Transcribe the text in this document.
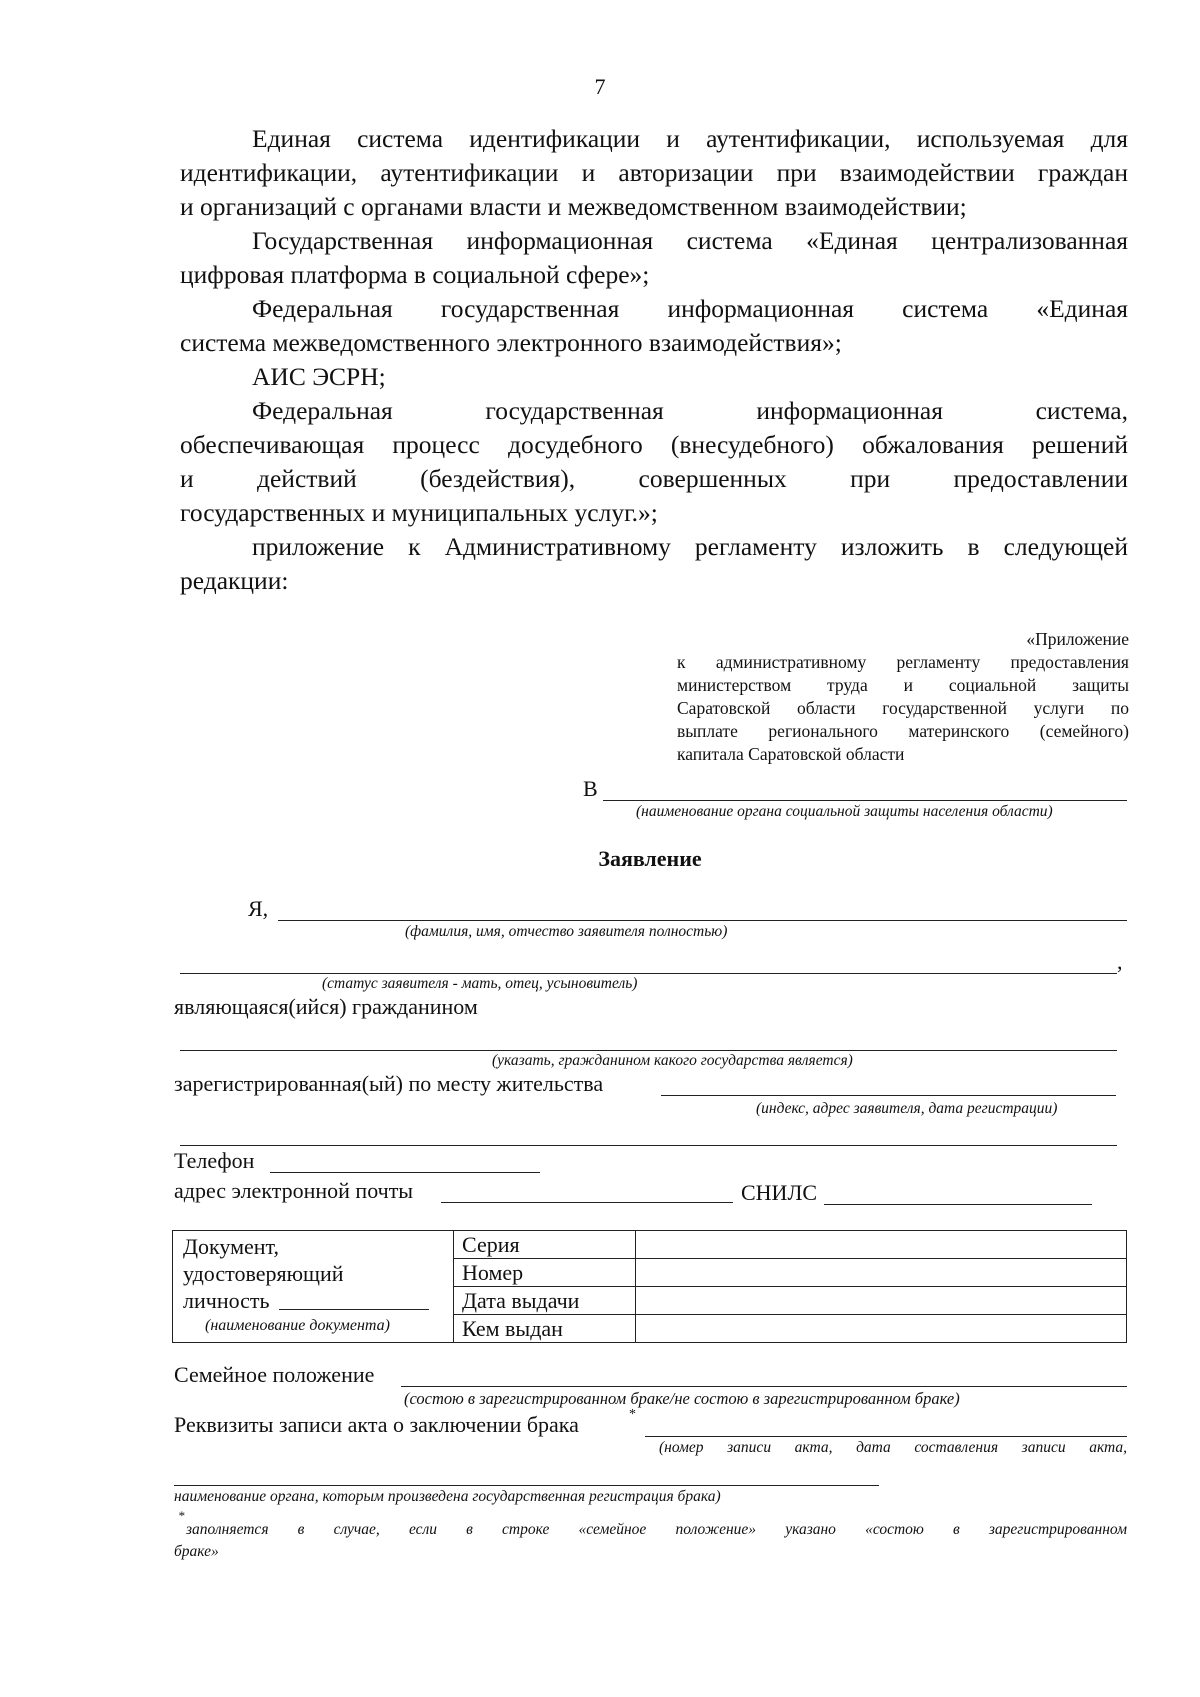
7
Единая система идентификации и аутентификации, используемая для
идентификации, аутентификации и авторизации при взаимодействии граждан
и организаций с органами власти и межведомственном взаимодействии;
Государственная информационная система «Единая централизованная
цифровая платформа в социальной сфере»;
Федеральная государственная информационная система «Единая
система межведомственного электронного взаимодействия»;
АИС ЭСРН;
Федеральная государственная информационная система,
обеспечивающая процесс досудебного (внесудебного) обжалования решений
и действий (бездействия), совершенных при предоставлении
государственных и муниципальных услуг.»;
приложение к Административному регламенту изложить в следующей
редакции:
«Приложение
к административному регламенту предоставления
министерством труда и социальной защиты
Саратовской области государственной услуги по
выплате регионального материнского (семейного)
капитала Саратовской области
В
(наименование органа социальной защиты населения области)
Заявление
Я,
(фамилия, имя, отчество заявителя полностью)
,
(статус заявителя - мать, отец, усыновитель)
являющаяся(ийся) гражданином
(указать, гражданином какого государства является)
зарегистрированная(ый) по месту жительства
(индекс, адрес заявителя, дата регистрации)
Телефон
адрес электронной почты	СНИЛС
Документ,
удостоверяющий
личность
(наименование документа)	Серия	
	Номер	
	Дата выдачи	
	Кем выдан	
Семейное положение
(состою в зарегистрированном браке/не состою в зарегистрированном браке)
Реквизиты записи акта о заключении брака	*
(номер записи акта, дата составления записи акта,
наименование органа, которым произведена государственная регистрация брака)
*
заполняется в случае, если в строке «семейное положение» указано «состою в зарегистрированном
браке»
